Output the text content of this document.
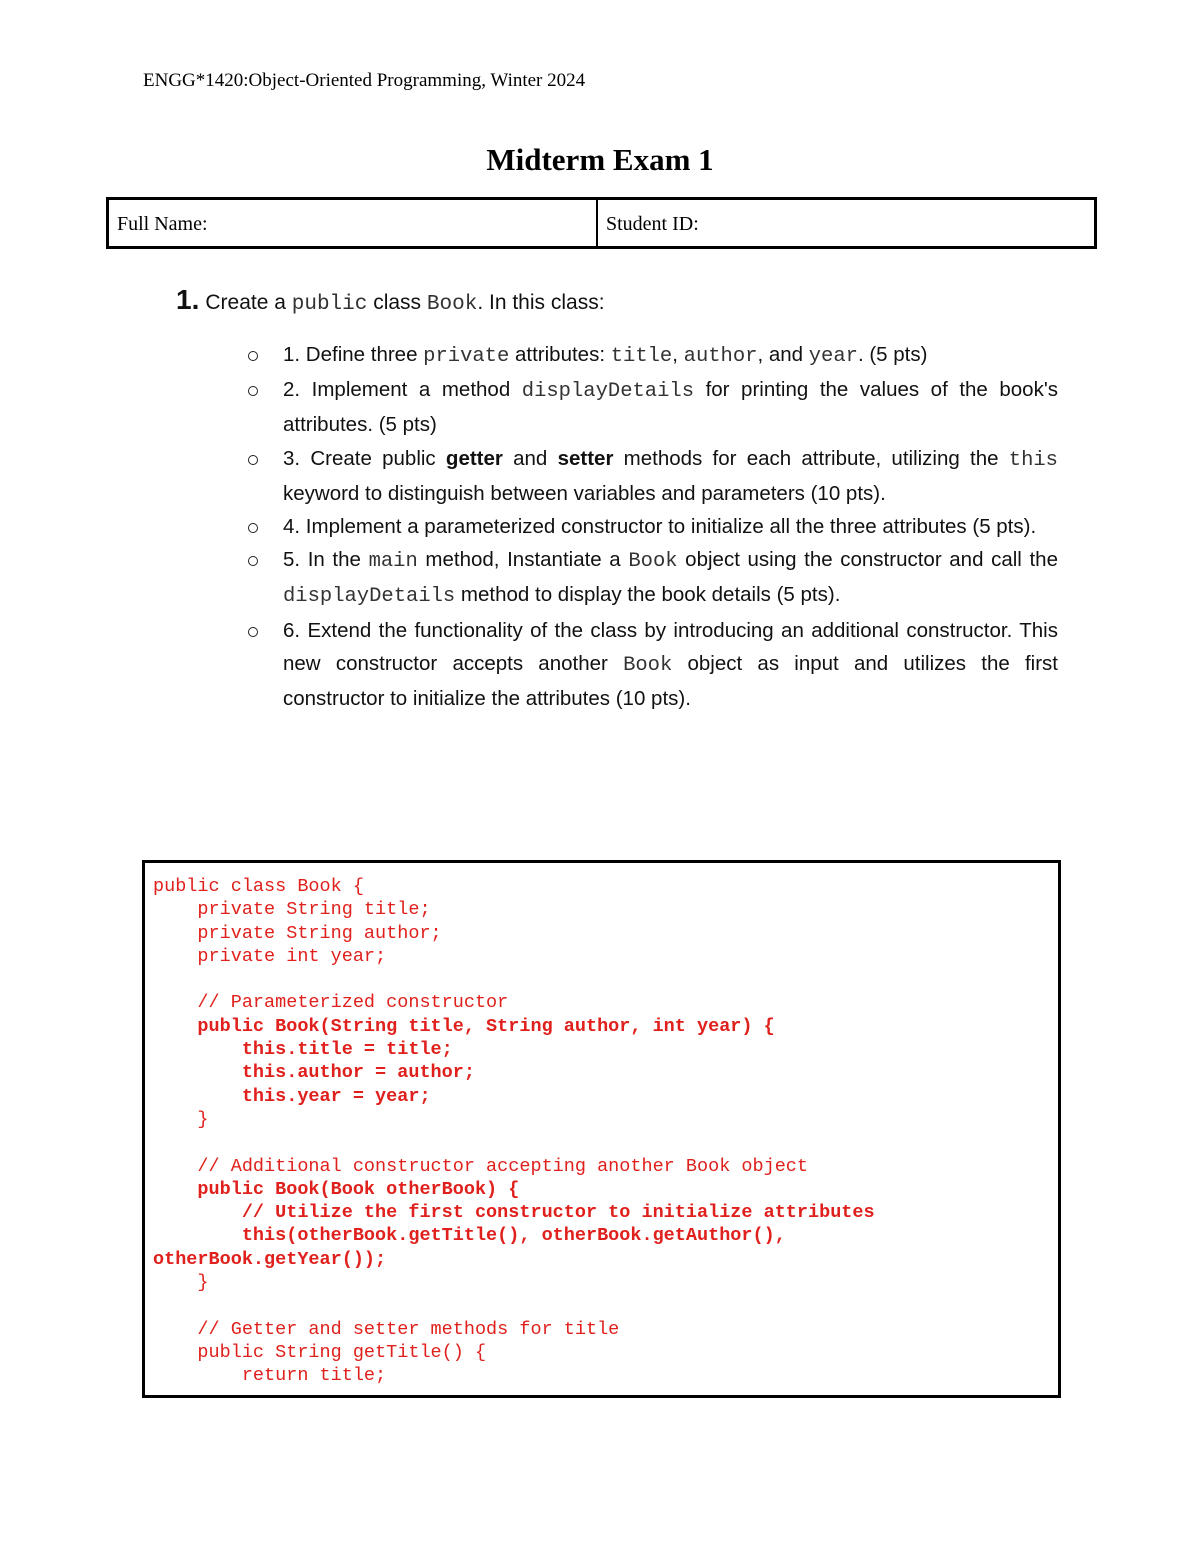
ENGG*1420:Object-Oriented Programming, Winter 2024
Midterm Exam 1
Full Name:	Student ID:
1. Create a public class Book. In this class:
1. Define three private attributes: title, author, and year. (5 pts)
2. Implement a method displayDetails for printing the values of the book's attributes. (5 pts)
3. Create public getter and setter methods for each attribute, utilizing the this keyword to distinguish between variables and parameters (10 pts).
4. Implement a parameterized constructor to initialize all the three attributes (5 pts).
5. In the main method, Instantiate a Book object using the constructor and call the displayDetails method to display the book details (5 pts).
6. Extend the functionality of the class by introducing an additional constructor. This new constructor accepts another Book object as input and utilizes the first constructor to initialize the attributes (10 pts).
public class Book {
private String title;
private String author;
private int year;

// Parameterized constructor
public Book(String title, String author, int year) {
this.title = title;
this.author = author;
this.year = year;
}

// Additional constructor accepting another Book object
public Book(Book otherBook) {
// Utilize the first constructor to initialize attributes
this(otherBook.getTitle(), otherBook.getAuthor(),
otherBook.getYear());
}

// Getter and setter methods for title
public String getTitle() {
return title;
